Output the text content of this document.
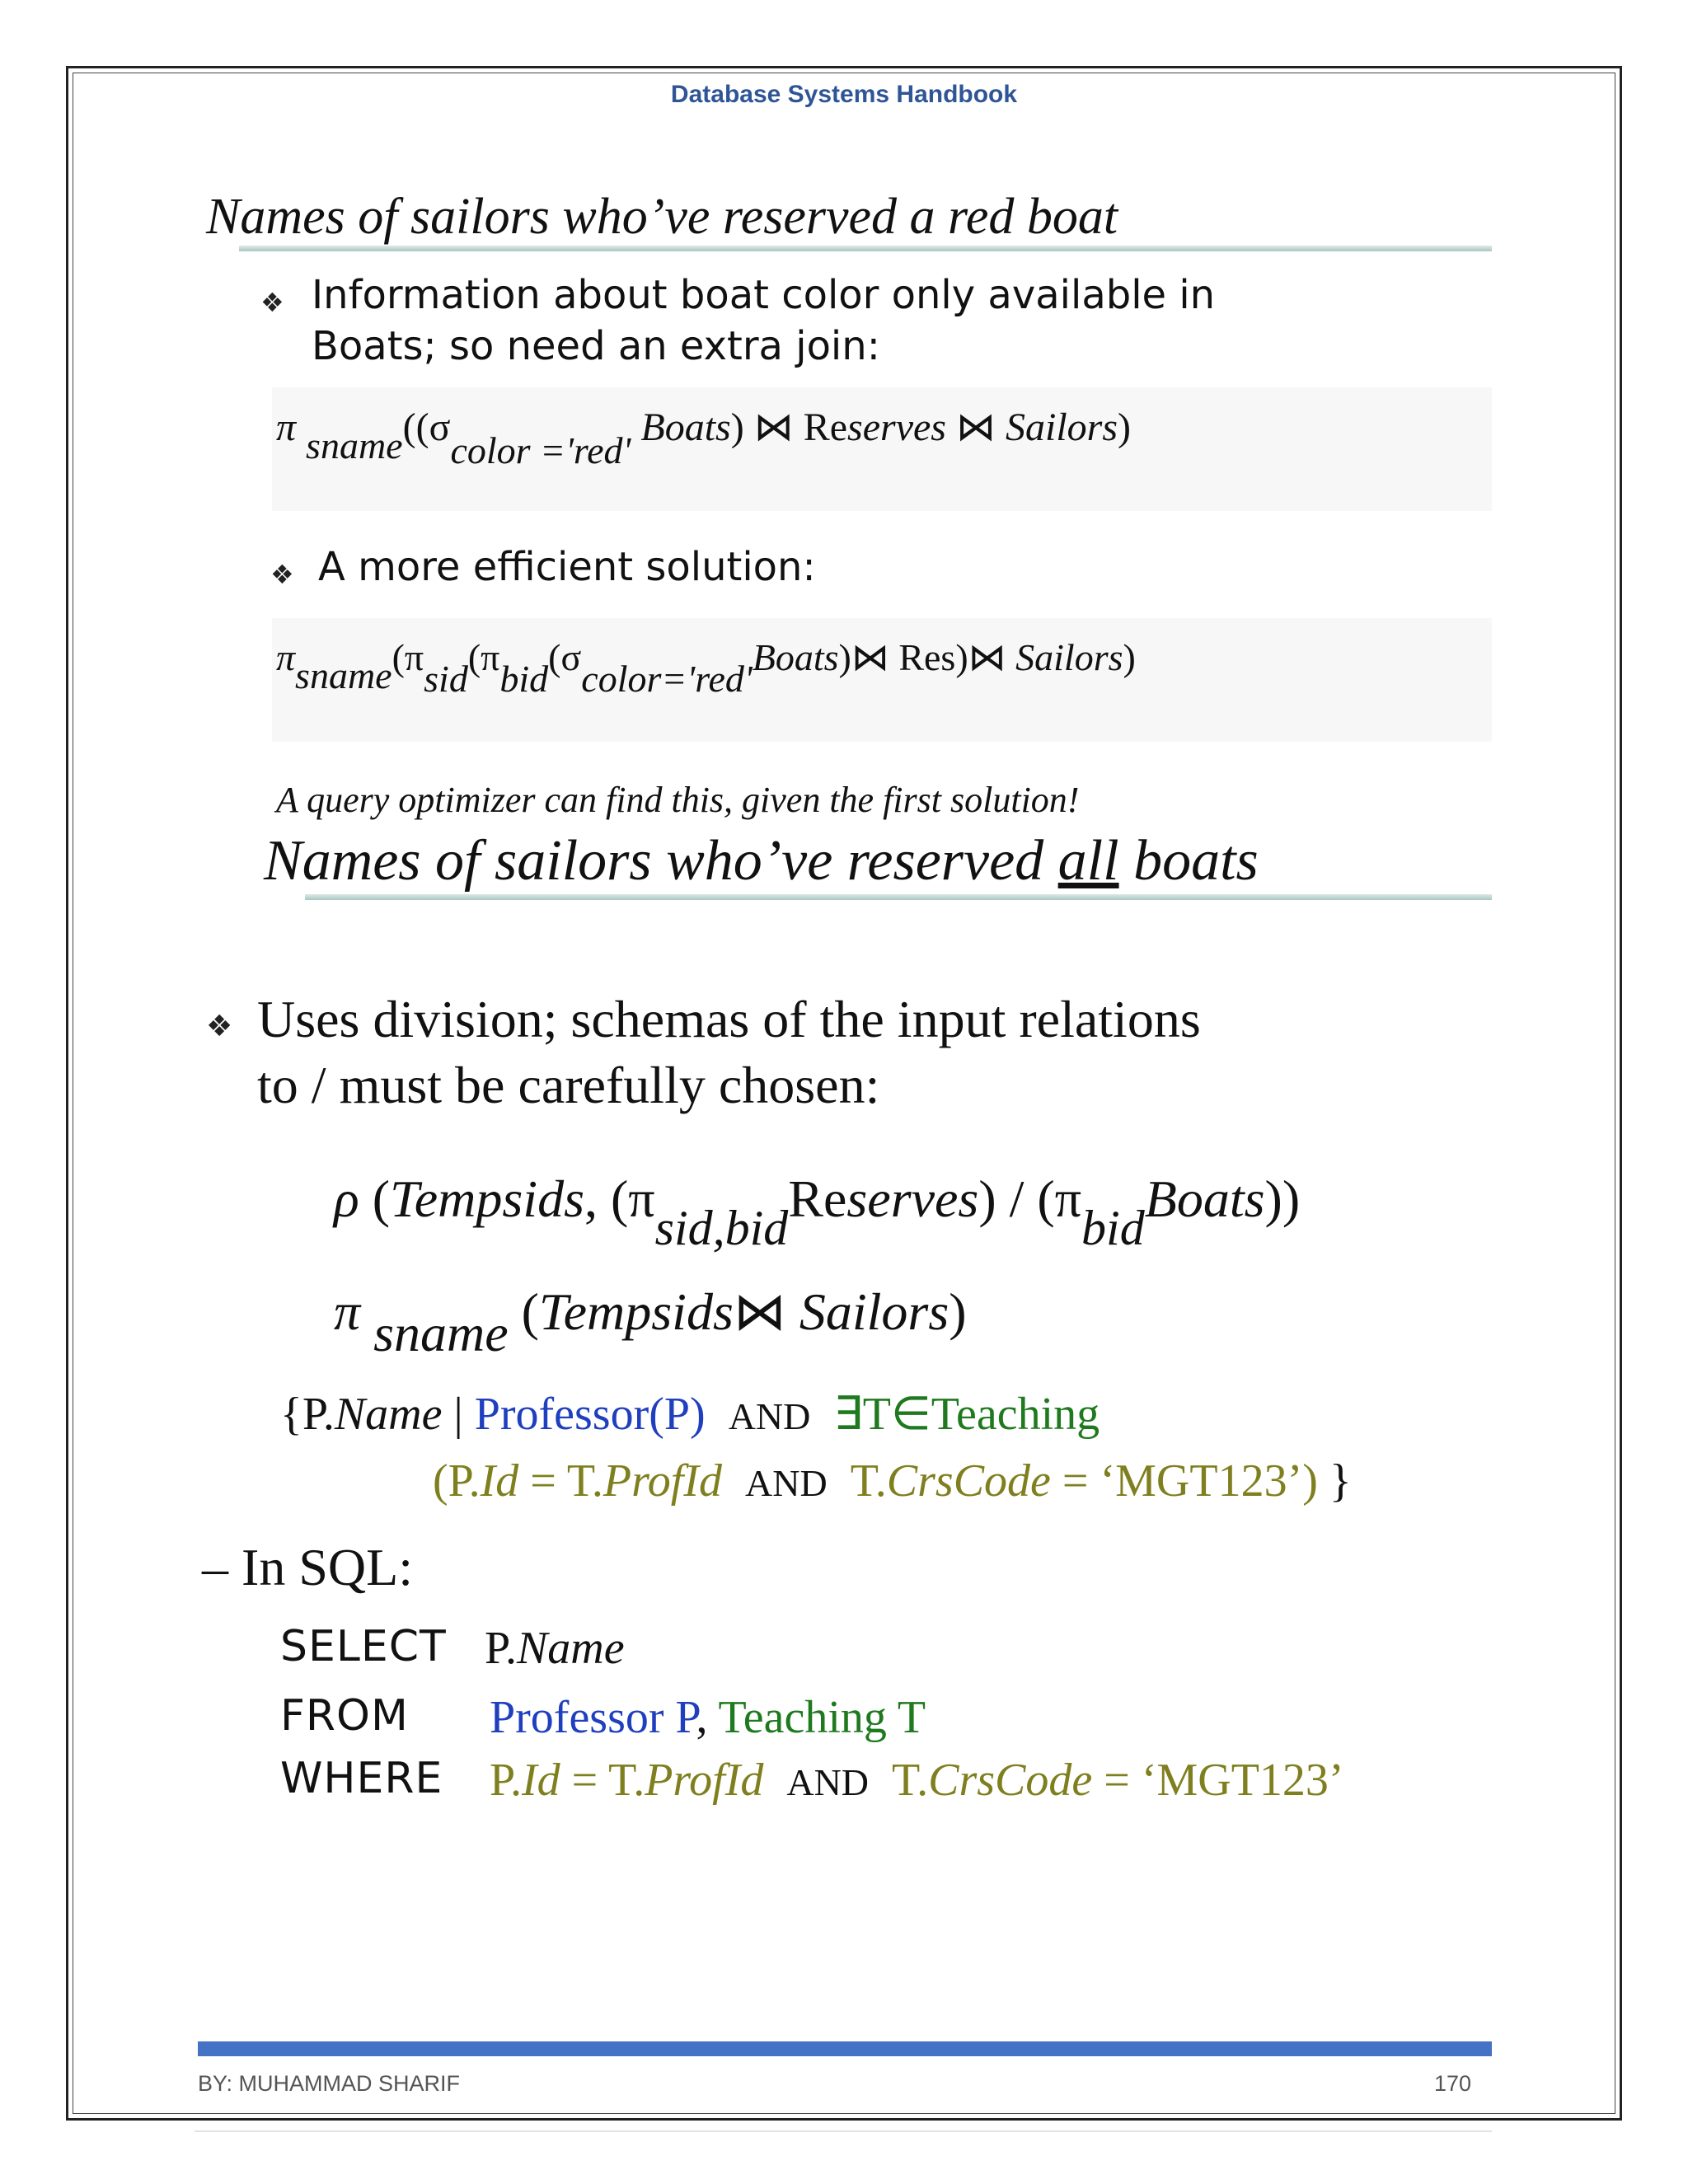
Database Systems Handbook
Names of sailors who’ve reserved a red boat
❖ Information about boat color only available in
Boats; so need an extra join:
π sname((σcolor ='red' Boats) ⋈ Reserves ⋈ Sailors)
❖ A more efficient solution:
πsname(πsid(πbid(σcolor='red'Boats)⋈ Res)⋈ Sailors)
A query optimizer can find this, given the first solution!
Names of sailors who’ve reserved all boats
❖ Uses division; schemas of the input relations
to / must be carefully chosen:
ρ (Tempsids, (πsid,bidReserves) / (πbidBoats))
π sname (Tempsids⋈ Sailors)
{P.Name | Professor(P) AND ∃T∈Teaching
(P.Id = T.ProfId AND T.CrsCode = ‘MGT123’) }
– In SQL:
SELECT P.Name
FROM Professor P, Teaching T
WHERE P.Id = T.ProfId AND T.CrsCode = ‘MGT123’
BY: MUHAMMAD SHARIF	170
